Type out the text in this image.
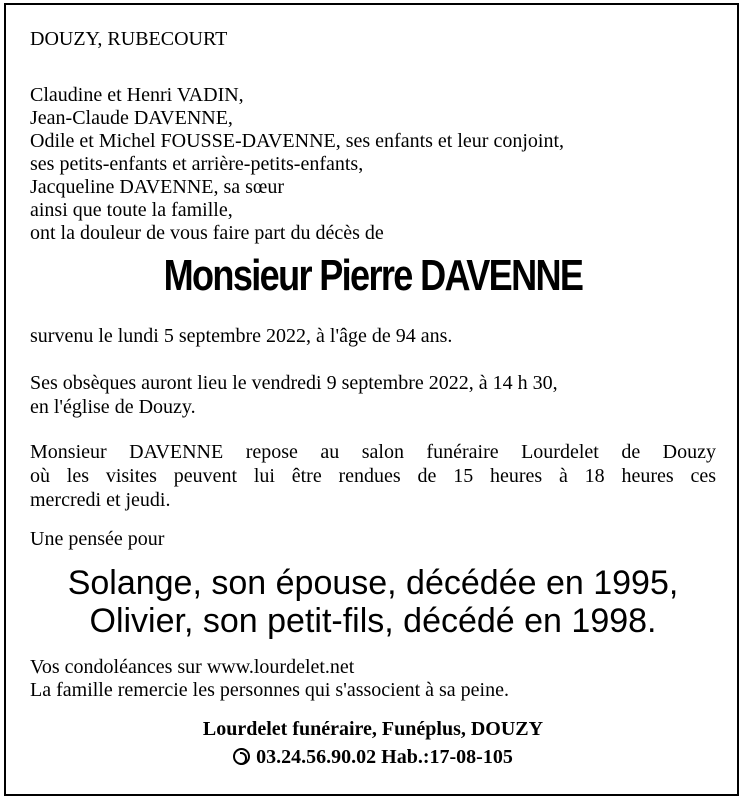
DOUZY, RUBECOURT
Claudine et Henri VADIN,
Jean-Claude DAVENNE,
Odile et Michel FOUSSE-DAVENNE, ses enfants et leur conjoint,
ses petits-enfants et arrière-petits-enfants,
Jacqueline DAVENNE, sa sœur
ainsi que toute la famille,
ont la douleur de vous faire part du décès de
Monsieur Pierre DAVENNE
survenu le lundi 5 septembre 2022, à l'âge de 94 ans.
Ses obsèques auront lieu le vendredi 9 septembre 2022, à 14 h 30,
en l'église de Douzy.
Monsieur DAVENNE repose au salon funéraire Lourdelet de Douzy
où les visites peuvent lui être rendues de 15 heures à 18 heures ces
mercredi et jeudi.
Une pensée pour
Solange, son épouse, décédée en 1995,
Olivier, son petit-fils, décédé en 1998.
Vos condoléances sur www.lourdelet.net
La famille remercie les personnes qui s'associent à sa peine.
Lourdelet funéraire, Funéplus, DOUZY
03.24.56.90.02 Hab.:17-08-105
